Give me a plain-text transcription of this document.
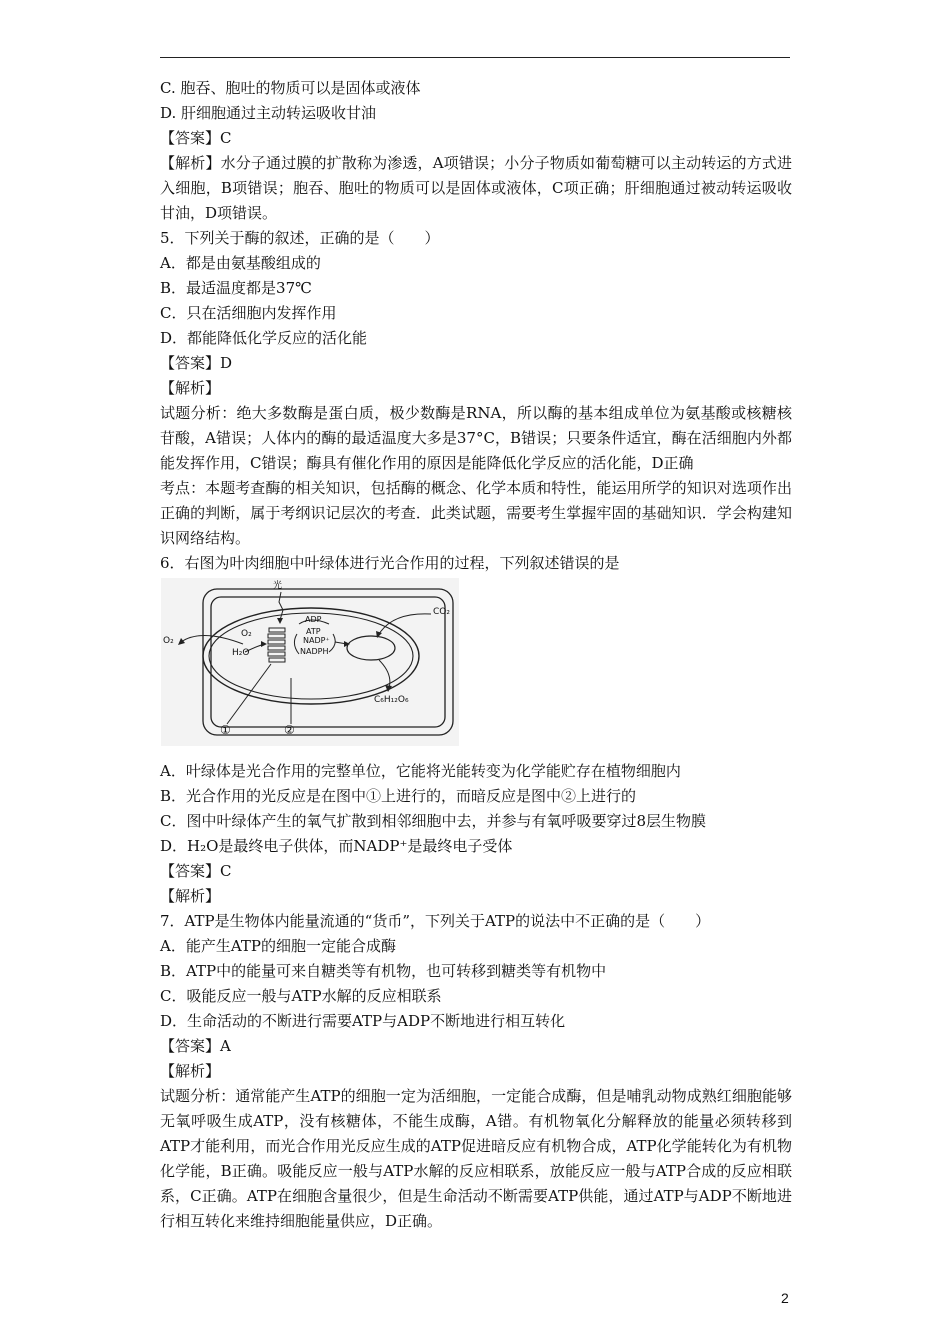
C. 胞吞、胞吐的物质可以是固体或液体
D. 肝细胞通过主动转运吸收甘油
【答案】C
【解析】水分子通过膜的扩散称为渗透，A项错误；小分子物质如葡萄糖可以主动转运的方式进入细胞，B项错误；胞吞、胞吐的物质可以是固体或液体，C项正确；肝细胞通过被动转运吸收甘油，D项错误。
5．下列关于酶的叙述，正确的是（　　）
A．都是由氨基酸组成的
B．最适温度都是37℃
C．只在活细胞内发挥作用
D．都能降低化学反应的活化能
【答案】D
【解析】
试题分析：绝大多数酶是蛋白质，极少数酶是RNA，所以酶的基本组成单位为氨基酸或核糖核苷酸，A错误；人体内的酶的最适温度大多是37°C，B错误；只要条件适宜，酶在活细胞内外都能发挥作用，C错误；酶具有催化作用的原因是能降低化学反应的活化能，D正确
考点：本题考查酶的相关知识，包括酶的概念、化学本质和特性，能运用所学的知识对选项作出正确的判断，属于考纲识记层次的考查．此类试题，需要考生掌握牢固的基础知识．学会构建知识网络结构。
6．右图为叶肉细胞中叶绿体进行光合作用的过程，下列叙述错误的是
光
ADP
ATP
NADP⁺
NADPH
CO₂
O₂
O₂
H₂O
C₆H₁₂O₆
①	②
A．叶绿体是光合作用的完整单位，它能将光能转变为化学能贮存在植物细胞内
B．光合作用的光反应是在图中①上进行的，而暗反应是图中②上进行的
C．图中叶绿体产生的氧气扩散到相邻细胞中去，并参与有氧呼吸要穿过8层生物膜
D．H₂O是最终电子供体，而NADP⁺是最终电子受体
【答案】C
【解析】
7．ATP是生物体内能量流通的“货币”，下列关于ATP的说法中不正确的是（　　）
A．能产生ATP的细胞一定能合成酶
B．ATP中的能量可来自糖类等有机物，也可转移到糖类等有机物中
C．吸能反应一般与ATP水解的反应相联系
D．生命活动的不断进行需要ATP与ADP不断地进行相互转化
【答案】A
【解析】
试题分析：通常能产生ATP的细胞一定为活细胞，一定能合成酶，但是哺乳动物成熟红细胞能够无氧呼吸生成ATP，没有核糖体，不能生成酶，A错。有机物氧化分解释放的能量必须转移到ATP才能利用，而光合作用光反应生成的ATP促进暗反应有机物合成，ATP化学能转化为有机物化学能，B正确。吸能反应一般与ATP水解的反应相联系，放能反应一般与ATP合成的反应相联系，C正确。ATP在细胞含量很少，但是生命活动不断需要ATP供能，通过ATP与ADP不断地进行相互转化来维持细胞能量供应，D正确。
2
